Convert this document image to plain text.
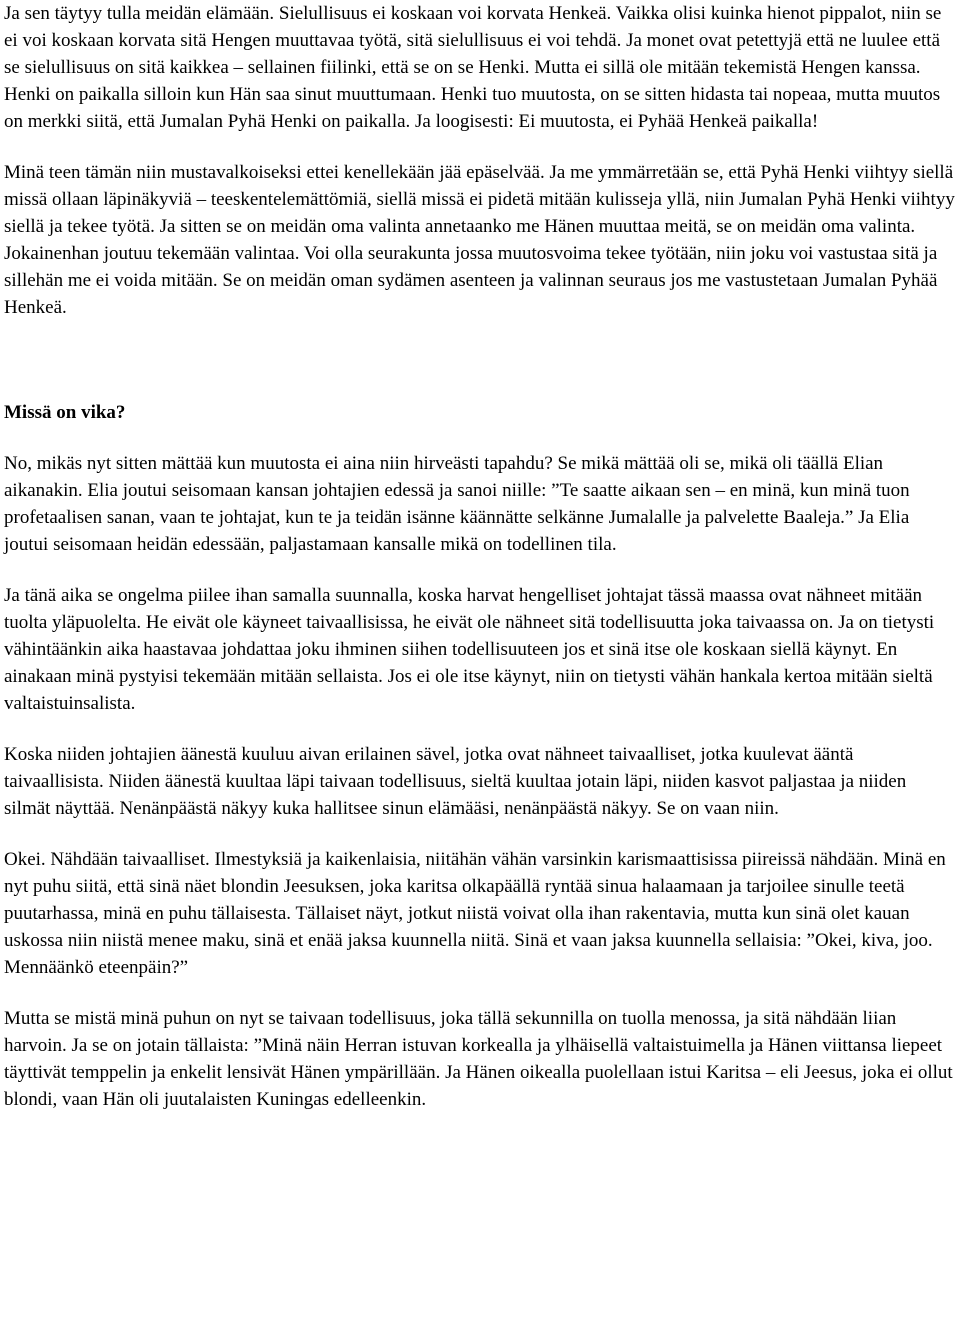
Ja sen täytyy tulla meidän elämään. Sielullisuus ei koskaan voi korvata Henkeä. Vaikka olisi kuinka hienot pippalot, niin se ei voi koskaan korvata sitä Hengen muuttavaa työtä, sitä sielullisuus ei voi tehdä. Ja monet ovat petettyjä että ne luulee että se sielullisuus on sitä kaikkea – sellainen fiilinki, että se on se Henki. Mutta ei sillä ole mitään tekemistä Hengen kanssa. Henki on paikalla silloin kun Hän saa sinut muuttumaan. Henki tuo muutosta, on se sitten hidasta tai nopeaa, mutta muutos on merkki siitä, että Jumalan Pyhä Henki on paikalla. Ja loogisesti: Ei muutosta, ei Pyhää Henkeä paikalla!

Minä teen tämän niin mustavalkoiseksi ettei kenellekään jää epäselvää. Ja me ymmärretään se, että Pyhä Henki viihtyy siellä missä ollaan läpinäkyviä – teeskentelemättömiä, siellä missä ei pidetä mitään kulisseja yllä, niin Jumalan Pyhä Henki viihtyy siellä ja tekee työtä. Ja sitten se on meidän oma valinta annetaanko me Hänen muuttaa meitä, se on meidän oma valinta. Jokainenhan joutuu tekemään valintaa. Voi olla seurakunta jossa muutosvoima tekee työtään, niin joku voi vastustaa sitä ja sillehän me ei voida mitään. Se on meidän oman sydämen asenteen ja valinnan seuraus jos me vastustetaan Jumalan Pyhää Henkeä.

Missä on vika?

No, mikäs nyt sitten mättää kun muutosta ei aina niin hirveästi tapahdu? Se mikä mättää oli se, mikä oli täällä Elian aikanakin. Elia joutui seisomaan kansan johtajien edessä ja sanoi niille: ”Te saatte aikaan sen – en minä, kun minä tuon profetaalisen sanan, vaan te johtajat, kun te ja teidän isänne käännätte selkänne Jumalalle ja palvelette Baaleja.” Ja Elia joutui seisomaan heidän edessään, paljastamaan kansalle mikä on todellinen tila.

Ja tänä aika se ongelma piilee ihan samalla suunnalla, koska harvat hengelliset johtajat tässä maassa ovat nähneet mitään tuolta yläpuolelta. He eivät ole käyneet taivaallisissa, he eivät ole nähneet sitä todellisuutta joka taivaassa on. Ja on tietysti vähintäänkin aika haastavaa johdattaa joku ihminen siihen todellisuuteen jos et sinä itse ole koskaan siellä käynyt. En ainakaan minä pystyisi tekemään mitään sellaista. Jos ei ole itse käynyt, niin on tietysti vähän hankala kertoa mitään sieltä valtaistuinsalista.

Koska niiden johtajien äänestä kuuluu aivan erilainen sävel, jotka ovat nähneet taivaalliset, jotka kuulevat ääntä taivaallisista. Niiden äänestä kuultaa läpi taivaan todellisuus, sieltä kuultaa jotain läpi, niiden kasvot paljastaa ja niiden silmät näyttää. Nenänpäästä näkyy kuka hallitsee sinun elämääsi, nenänpäästä näkyy. Se on vaan niin.

Okei. Nähdään taivaalliset. Ilmestyksiä ja kaikenlaisia, niitähän vähän varsinkin karismaattisissa piireissä nähdään. Minä en nyt puhu siitä, että sinä näet blondin Jeesuksen, joka karitsa olkapäällä ryntää sinua halaamaan ja tarjoilee sinulle teetä puutarhassa, minä en puhu tällaisesta. Tällaiset näyt, jotkut niistä voivat olla ihan rakentavia, mutta kun sinä olet kauan uskossa niin niistä menee maku, sinä et enää jaksa kuunnella niitä. Sinä et vaan jaksa kuunnella sellaisia: ”Okei, kiva, joo. Mennäänkö eteenpäin?”

Mutta se mistä minä puhun on nyt se taivaan todellisuus, joka tällä sekunnilla on tuolla menossa, ja sitä nähdään liian harvoin. Ja se on jotain tällaista: ”Minä näin Herran istuvan korkealla ja ylhäisellä valtaistuimella ja Hänen viittansa liepeet täyttivät temppelin ja enkelit lensivät Hänen ympärillään. Ja Hänen oikealla puolellaan istui Karitsa – eli Jeesus, joka ei ollut blondi, vaan Hän oli juutalaisten Kuningas edelleenkin.
